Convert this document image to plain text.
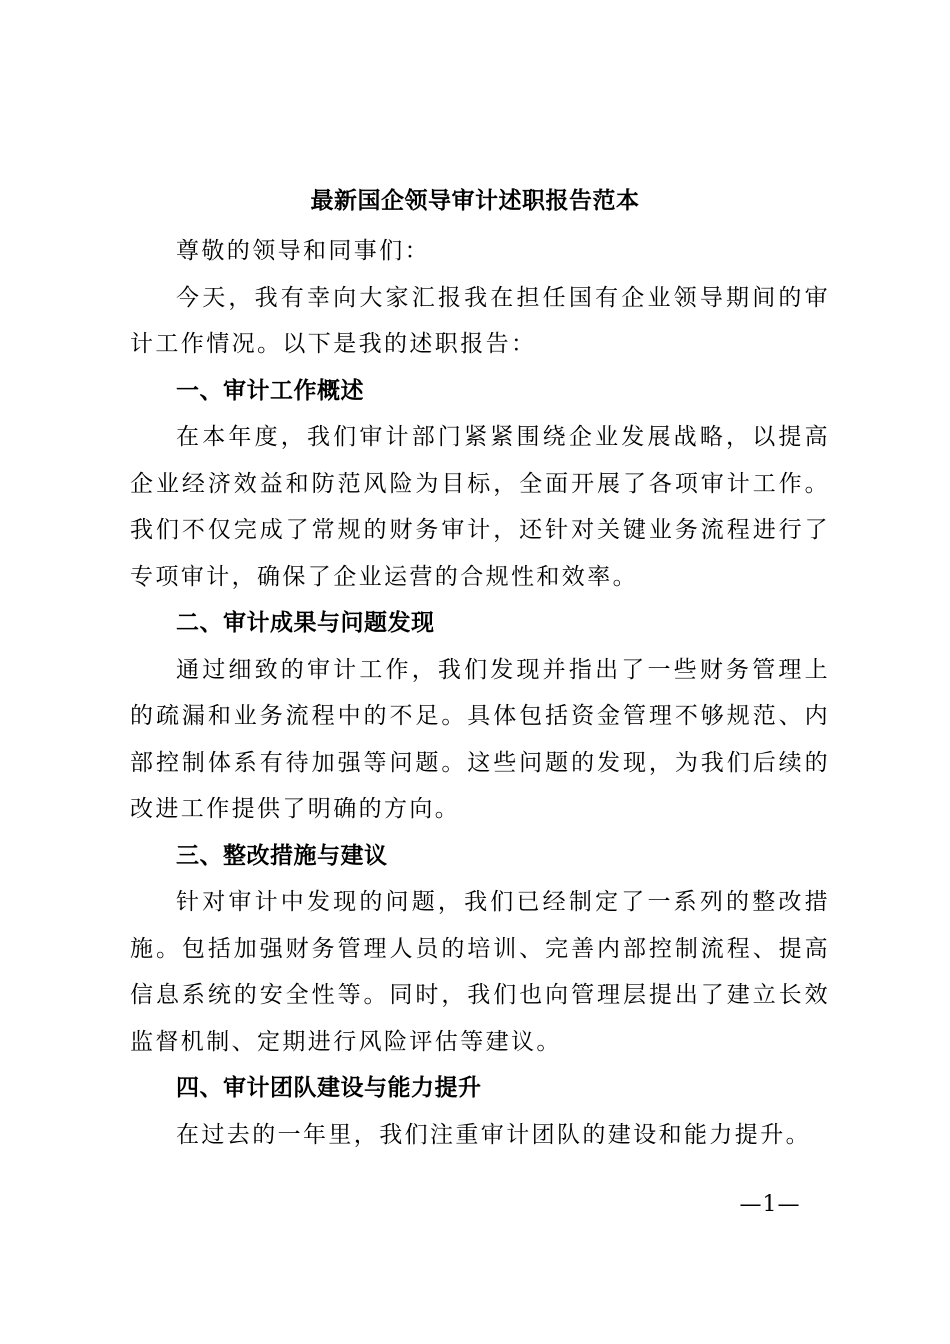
最新国企领导审计述职报告范本

尊敬的领导和同事们：

今天，我有幸向大家汇报我在担任国有企业领导期间的审计工作情况。以下是我的述职报告：

一、审计工作概述

在本年度，我们审计部门紧紧围绕企业发展战略，以提高企业经济效益和防范风险为目标，全面开展了各项审计工作。我们不仅完成了常规的财务审计，还针对关键业务流程进行了专项审计，确保了企业运营的合规性和效率。

二、审计成果与问题发现

通过细致的审计工作，我们发现并指出了一些财务管理上的疏漏和业务流程中的不足。具体包括资金管理不够规范、内部控制体系有待加强等问题。这些问题的发现，为我们后续的改进工作提供了明确的方向。

三、整改措施与建议

针对审计中发现的问题，我们已经制定了一系列的整改措施。包括加强财务管理人员的培训、完善内部控制流程、提高信息系统的安全性等。同时，我们也向管理层提出了建立长效监督机制、定期进行风险评估等建议。

四、审计团队建设与能力提升

在过去的一年里，我们注重审计团队的建设和能力提升。

—1—
